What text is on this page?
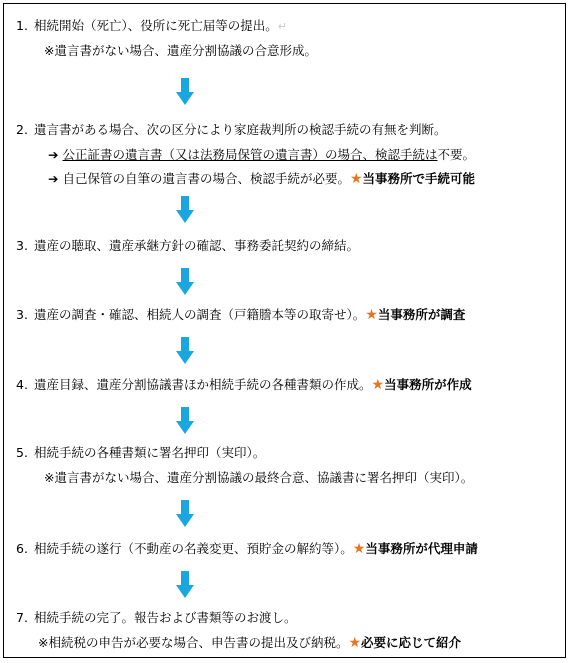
1. 相続開始（死亡）、役所に死亡届等の提出。↵
※遺言書がない場合、遺産分割協議の合意形成。
2. 遺言書がある場合、次の区分により家庭裁判所の検認手続の有無を判断。
➔ 公正証書の遺言書（又は法務局保管の遺言書）の場合、検認手続は不要。
➔ 自己保管の自筆の遺言書の場合、検認手続が必要。★当事務所で手続可能
3. 遺産の聴取、遺産承継方針の確認、事務委託契約の締結。
3. 遺産の調査・確認、相続人の調査（戸籍謄本等の取寄せ）。★当事務所が調査
4. 遺産目録、遺産分割協議書ほか相続手続の各種書類の作成。★当事務所が作成
5. 相続手続の各種書類に署名押印（実印）。
※遺言書がない場合、遺産分割協議の最終合意、協議書に署名押印（実印）。
6. 相続手続の遂行（不動産の名義変更、預貯金の解約等）。★当事務所が代理申請
7. 相続手続の完了。報告および書類等のお渡し。
※相続税の申告が必要な場合、申告書の提出及び納税。★必要に応じて紹介
